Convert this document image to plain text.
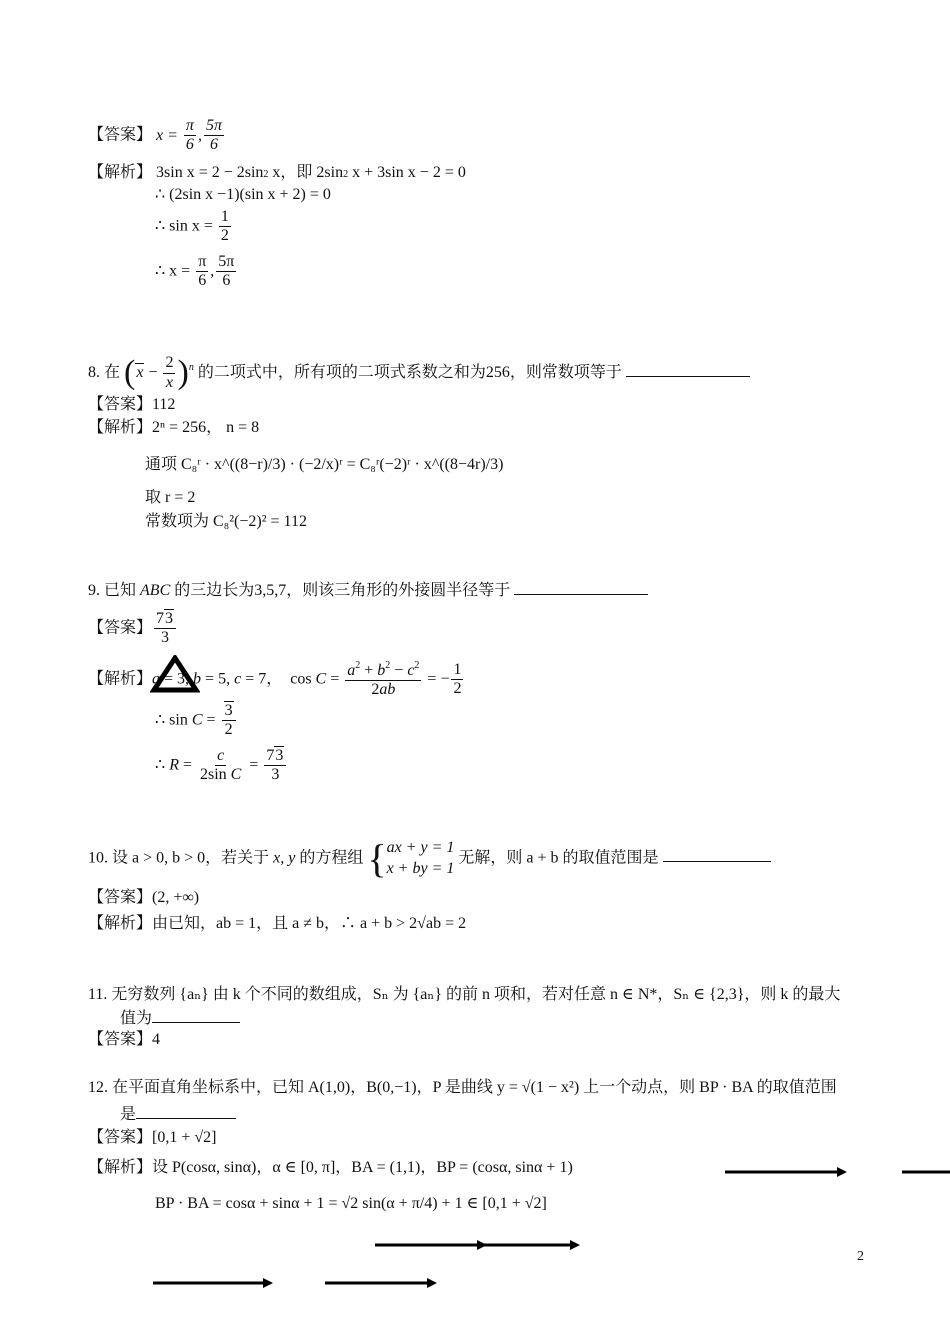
【答案】 $x = \frac{\pi}{6}$ , $\frac{5\pi}{6}$
【解析】 3sin x = 2 − 2sin2 x，即 2sin2 x + 3sin x − 2 = 0
∴ (2sin x −1)(sin x + 2) = 0
∴ $\sin x = \frac{1}{2}$
∴ $x = \frac{\pi}{6}$ , $\frac{5\pi}{6}$
8. 在 $(x - \frac{2}{x} )^n$ 的二项式中，所有项的二项式系数之和为256，则常数项等于
【答案】112
【解析】2ⁿ = 256， n = 8
通项 C₈ʳ · x^((8−r)/3) · (−2/x)ʳ = C₈ʳ(−2)ʳ · x^((8−4r)/3)
取 r = 2
常数项为 C₈²(−2)² = 112
9. 已知 ABC 的三边长为3,5,7，则该三角形的外接圆半径等于
【答案】 $\frac{73}{3}$
【解析】a = 3, b = 5, c = 7，  $\cos C = \frac{a^2 + b^2 - c^2}{2ab}$ = − $\frac{1}{2}$
∴ $\sin C = \frac{3}{2}$
∴ $R = \frac{c}{\text{2sin C}} = \frac{73}{3}$
10. 设 a > 0, b > 0，若关于 x, y 的方程组 { ax + y = 1
x + by = 1
无解，则 a + b 的取值范围是
【答案】(2, +∞)
【解析】由已知，ab = 1，且 a ≠ b，∴ a + b > 2√ab = 2
11. 无穷数列 {aₙ} 由 k 个不同的数组成，Sₙ 为 {aₙ} 的前 n 项和，若对任意 n ∈ N*，Sₙ ∈ {2,3}，则 k 的最大
值为
【答案】4
12. 在平面直角坐标系中，已知 A(1,0)，B(0,−1)，P 是曲线 y = √(1 − x²) 上一个动点，则 BP · BA 的取值范围
是
【答案】[0,1 + √2]
【解析】设 P(cosα, sinα)，α ∈ [0, π]，BA = (1,1)，BP = (cosα, sinα + 1)
BP · BA = cosα + sinα + 1 = √2 sin(α + π/4) + 1 ∈ [0,1 + √2]
2
